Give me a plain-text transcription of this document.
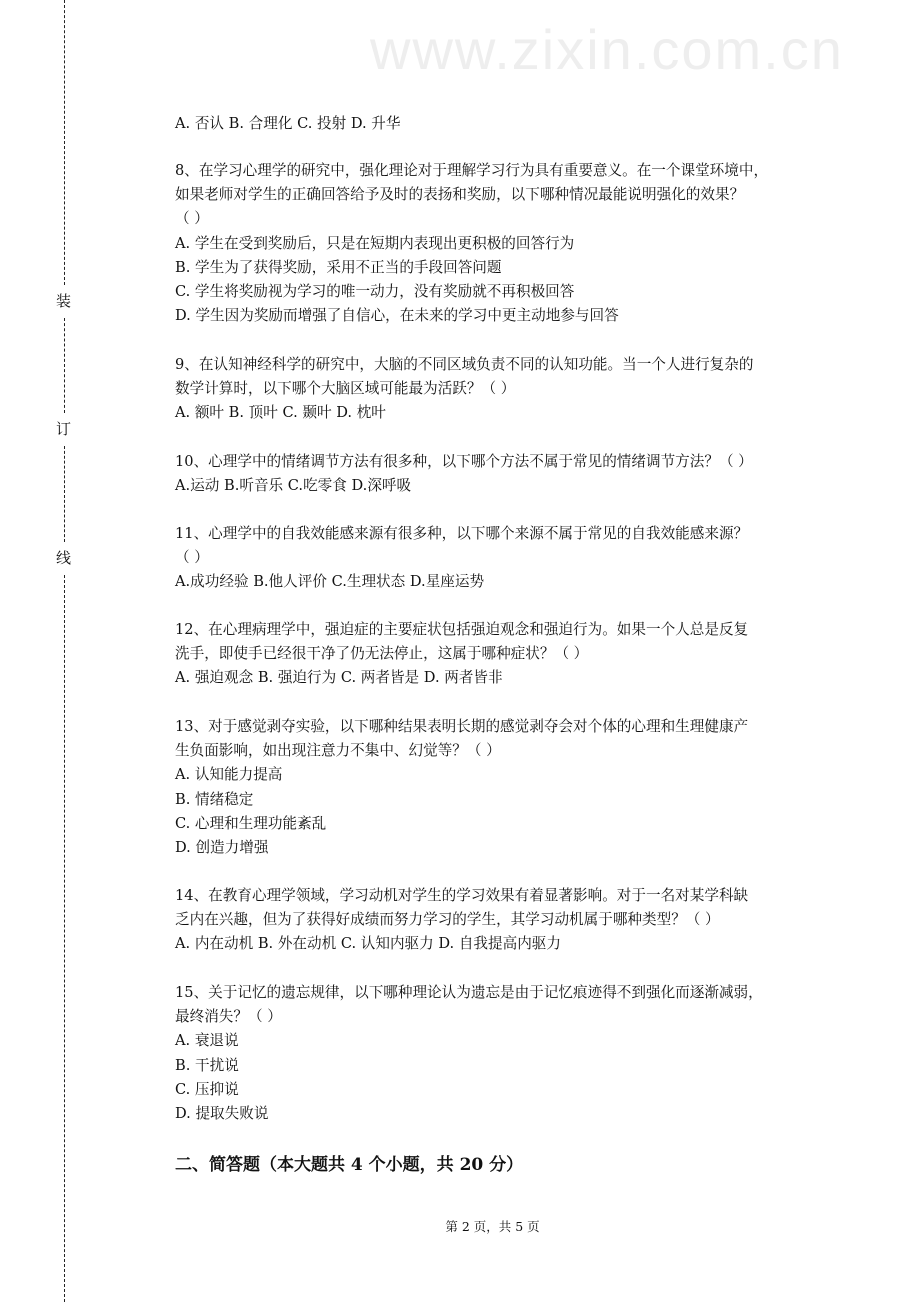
www.zixin.com.cn
装
订
线
A. 否认 B. 合理化 C. 投射 D. 升华
8、在学习心理学的研究中，强化理论对于理解学习行为具有重要意义。在一个课堂环境中，
如果老师对学生的正确回答给予及时的表扬和奖励，以下哪种情况最能说明强化的效果？
（ ）
A. 学生在受到奖励后，只是在短期内表现出更积极的回答行为
B. 学生为了获得奖励，采用不正当的手段回答问题
C. 学生将奖励视为学习的唯一动力，没有奖励就不再积极回答
D. 学生因为奖励而增强了自信心，在未来的学习中更主动地参与回答
9、在认知神经科学的研究中，大脑的不同区域负责不同的认知功能。当一个人进行复杂的
数学计算时，以下哪个大脑区域可能最为活跃？（ ）
A. 额叶 B. 顶叶 C. 颞叶 D. 枕叶
10、心理学中的情绪调节方法有很多种，以下哪个方法不属于常见的情绪调节方法？（ ）
A.运动 B.听音乐 C.吃零食 D.深呼吸
11、心理学中的自我效能感来源有很多种，以下哪个来源不属于常见的自我效能感来源？
（ ）
A.成功经验 B.他人评价 C.生理状态 D.星座运势
12、在心理病理学中，强迫症的主要症状包括强迫观念和强迫行为。如果一个人总是反复
洗手，即使手已经很干净了仍无法停止，这属于哪种症状？（ ）
A. 强迫观念 B. 强迫行为 C. 两者皆是 D. 两者皆非
13、对于感觉剥夺实验，以下哪种结果表明长期的感觉剥夺会对个体的心理和生理健康产
生负面影响，如出现注意力不集中、幻觉等？（ ）
A. 认知能力提高
B. 情绪稳定
C. 心理和生理功能紊乱
D. 创造力增强
14、在教育心理学领域，学习动机对学生的学习效果有着显著影响。对于一名对某学科缺
乏内在兴趣，但为了获得好成绩而努力学习的学生，其学习动机属于哪种类型？（ ）
A. 内在动机 B. 外在动机 C. 认知内驱力 D. 自我提高内驱力
15、关于记忆的遗忘规律，以下哪种理论认为遗忘是由于记忆痕迹得不到强化而逐渐减弱，
最终消失？（ ）
A. 衰退说
B. 干扰说
C. 压抑说
D. 提取失败说
二、简答题（本大题共 4 个小题，共 20 分）
第 2 页，共 5 页
